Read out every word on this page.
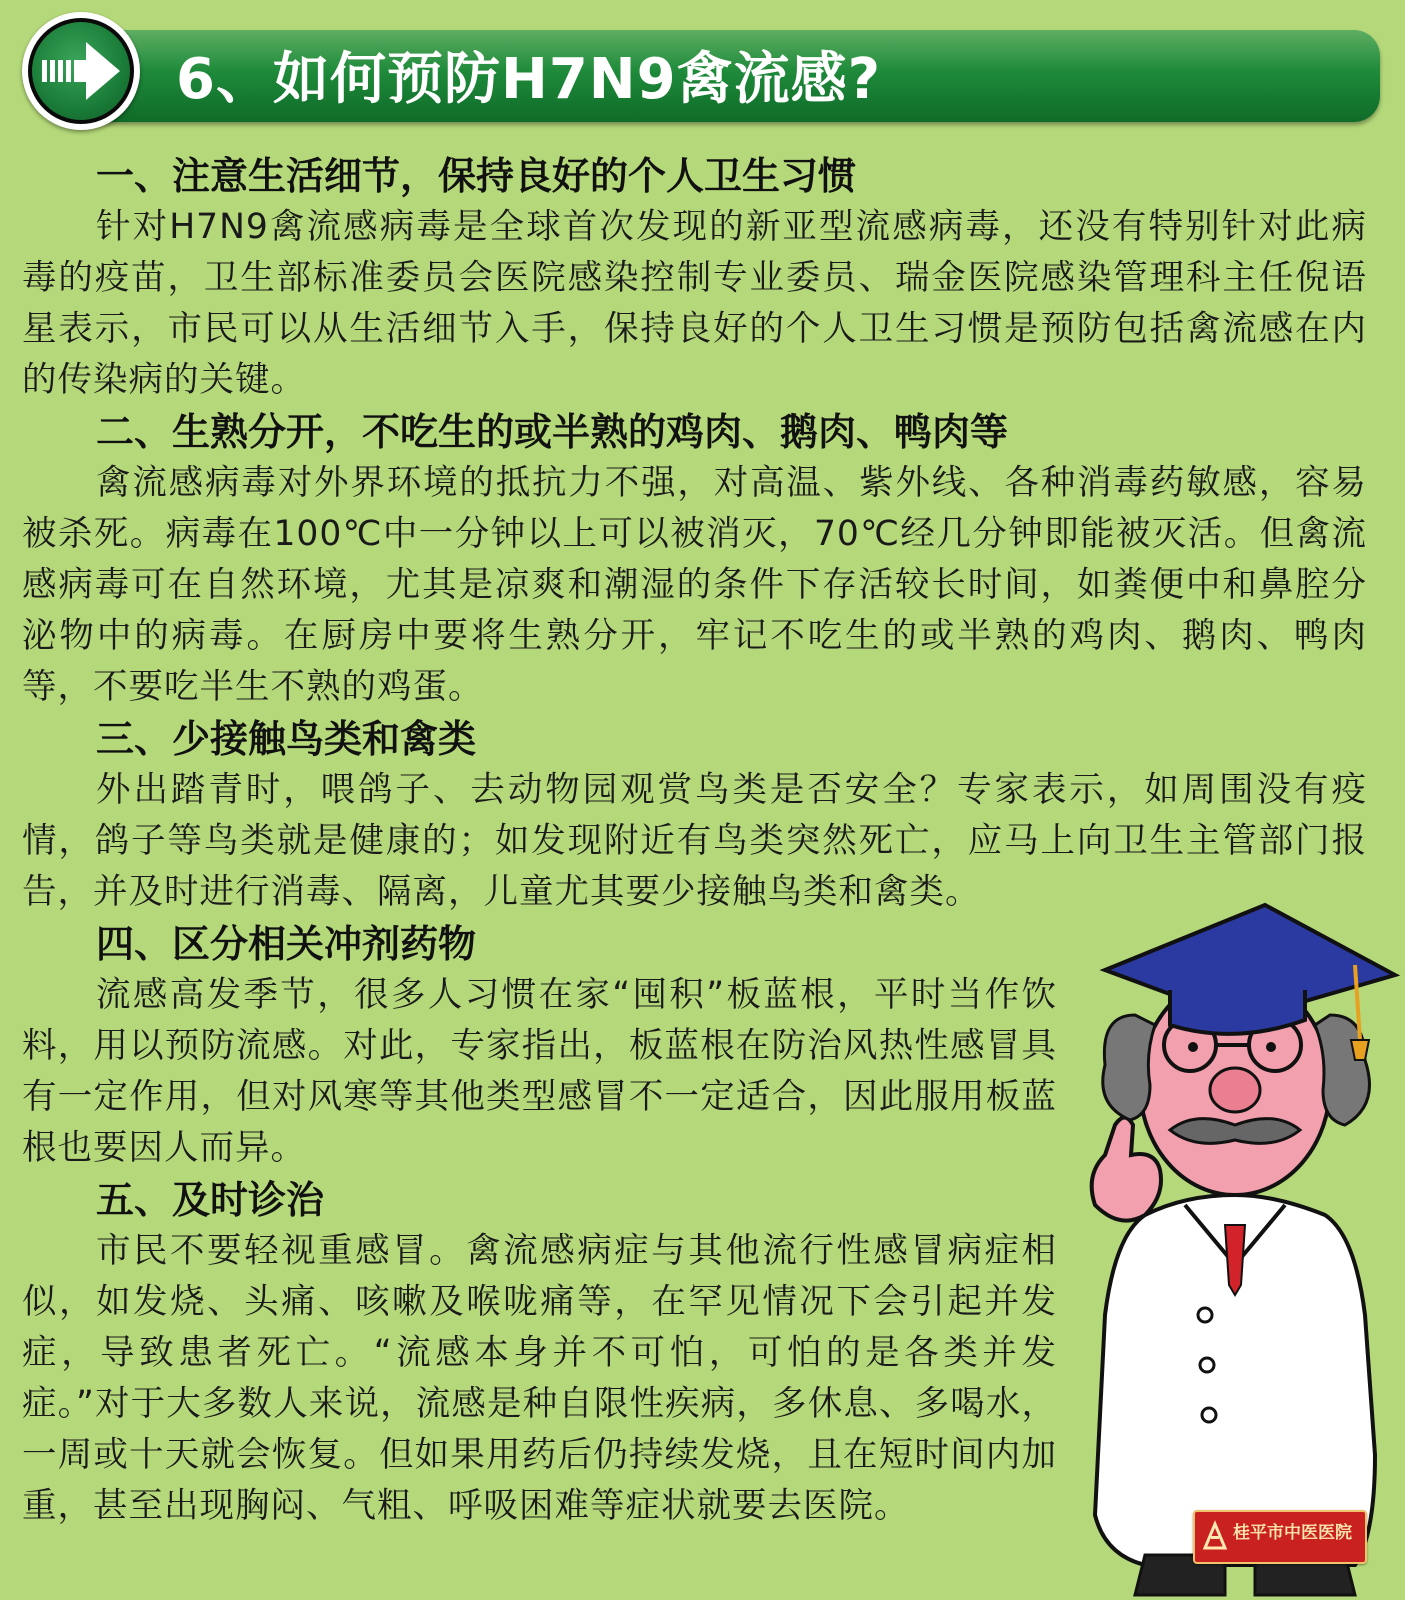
6、如何预防H7N9禽流感?
一、注意生活细节，保持良好的个人卫生习惯

针对H7N9禽流感病毒是全球首次发现的新亚型流感病毒，还没有特别针对此病毒的疫苗，卫生部标准委员会医院感染控制专业委员、瑞金医院感染管理科主任倪语星表示，市民可以从生活细节入手，保持良好的个人卫生习惯是预防包括禽流感在内的传染病的关键。

二、生熟分开，不吃生的或半熟的鸡肉、鹅肉、鸭肉等

禽流感病毒对外界环境的抵抗力不强，对高温、紫外线、各种消毒药敏感，容易被杀死。病毒在100℃中一分钟以上可以被消灭，70℃经几分钟即能被灭活。但禽流感病毒可在自然环境，尤其是凉爽和潮湿的条件下存活较长时间，如粪便中和鼻腔分泌物中的病毒。在厨房中要将生熟分开，牢记不吃生的或半熟的鸡肉、鹅肉、鸭肉等，不要吃半生不熟的鸡蛋。

三、少接触鸟类和禽类

外出踏青时，喂鸽子、去动物园观赏鸟类是否安全？专家表示，如周围没有疫情，鸽子等鸟类就是健康的；如发现附近有鸟类突然死亡，应马上向卫生主管部门报告，并及时进行消毒、隔离，儿童尤其要少接触鸟类和禽类。

四、区分相关冲剂药物

流感高发季节，很多人习惯在家“囤积”板蓝根，平时当作饮料，用以预防流感。对此，专家指出，板蓝根在防治风热性感冒具有一定作用，但对风寒等其他类型感冒不一定适合，因此服用板蓝根也要因人而异。

五、及时诊治

市民不要轻视重感冒。禽流感病症与其他流行性感冒病症相似，如发烧、头痛、咳嗽及喉咙痛等，在罕见情况下会引起并发症，导致患者死亡。“流感本身并不可怕，可怕的是各类并发症。”对于大多数人来说，流感是种自限性疾病，多休息、多喝水，一周或十天就会恢复。但如果用药后仍持续发烧，且在短时间内加重，甚至出现胸闷、气粗、呼吸困难等症状就要去医院。

桂平市中医医院
